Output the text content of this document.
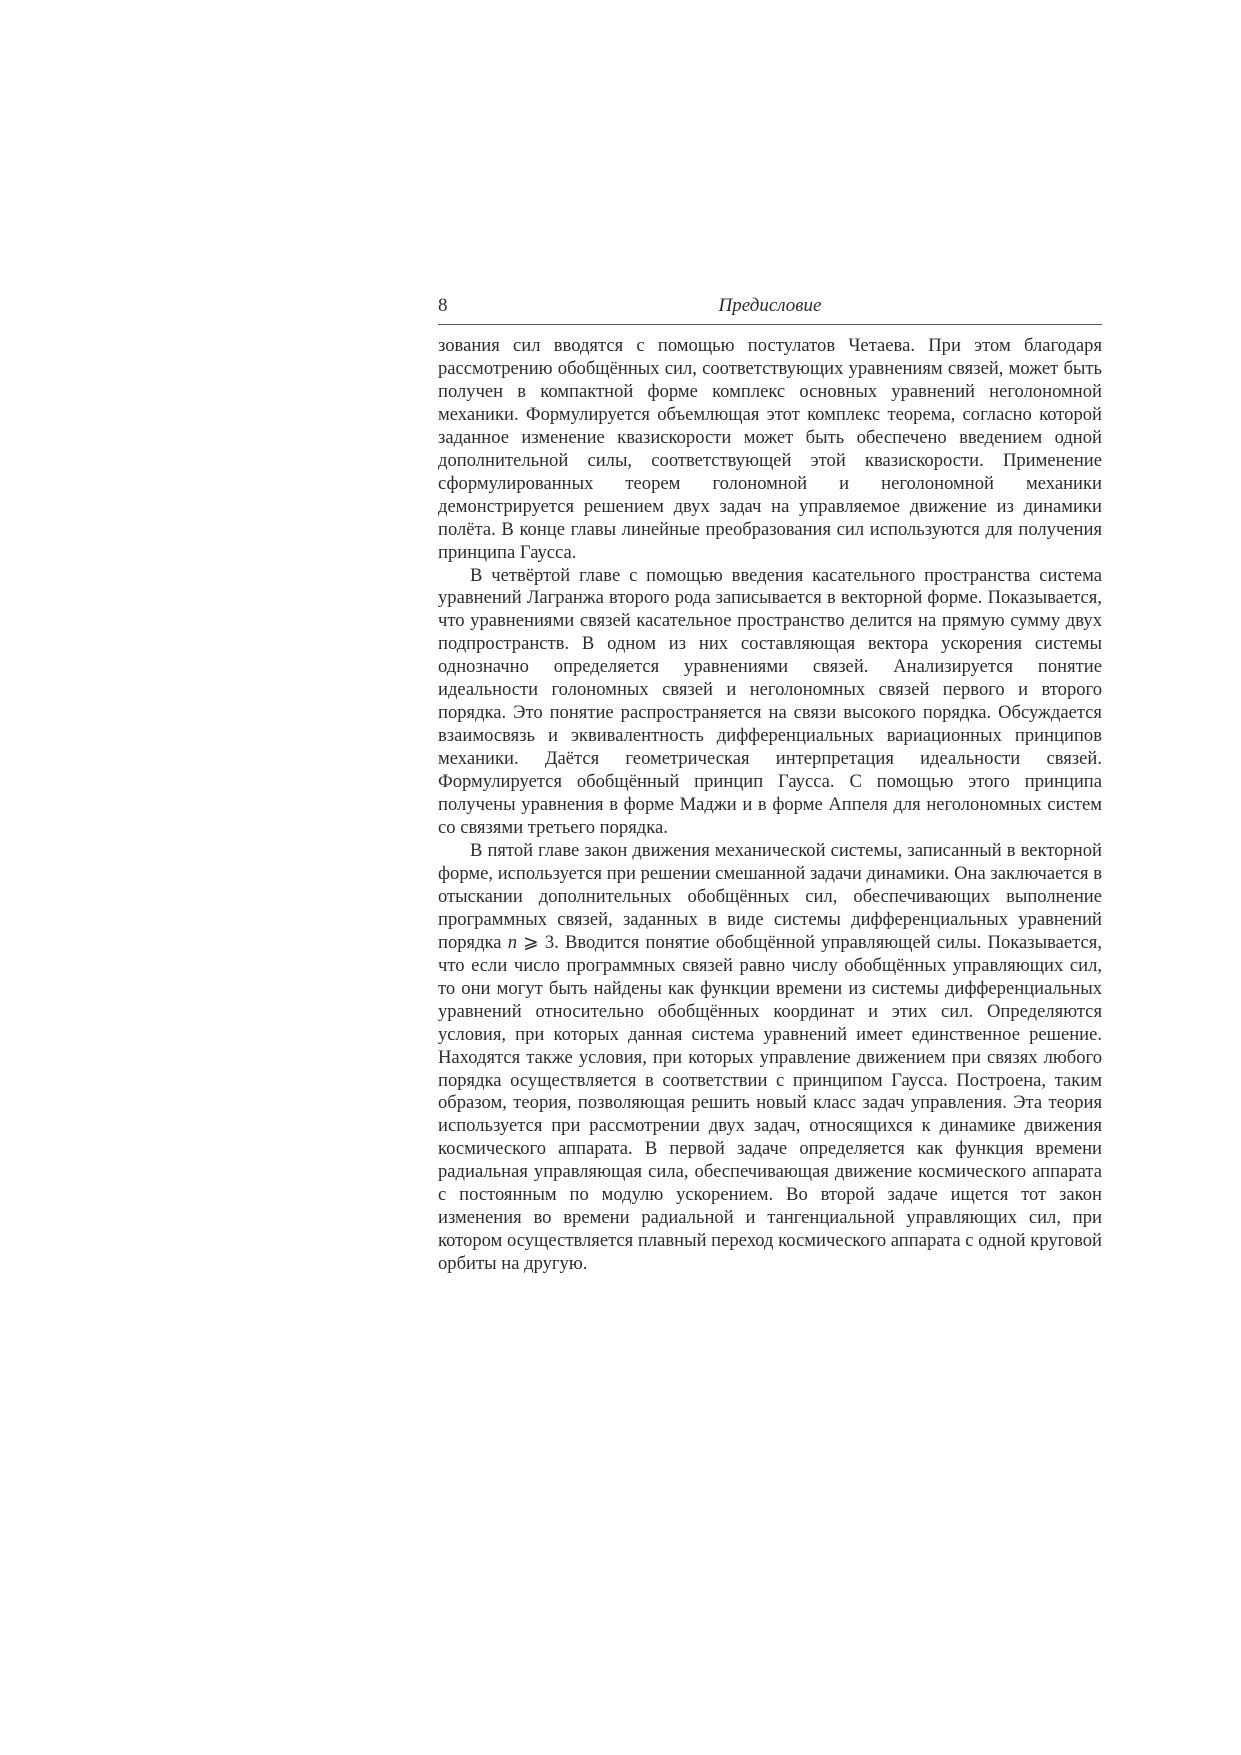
8	Предисловие

зования сил вводятся с помощью постулатов Четаева. При этом благодаря рассмотрению обобщённых сил, соответствующих уравнениям связей, может быть получен в компактной форме комплекс основных уравнений неголономной механики. Формулируется объемлющая этот комплекс теорема, согласно которой заданное изменение квазискорости может быть обеспечено введением одной дополнительной силы, соответствующей этой квазискорости. Применение сформулированных теорем голономной и неголономной механики демонстрируется решением двух задач на управляемое движение из динамики полёта. В конце главы линейные преобразования сил используются для получения принципа Гаусса.

В четвёртой главе с помощью введения касательного пространства система уравнений Лагранжа второго рода записывается в векторной форме. Показывается, что уравнениями связей касательное пространство делится на прямую сумму двух подпространств. В одном из них составляющая вектора ускорения системы однозначно определяется уравнениями связей. Анализируется понятие идеальности голономных связей и неголономных связей первого и второго порядка. Это понятие распространяется на связи высокого порядка. Обсуждается взаимосвязь и эквивалентность дифференциальных вариационных принципов механики. Даётся геометрическая интерпретация идеальности связей. Формулируется обобщённый принцип Гаусса. С помощью этого принципа получены уравнения в форме Маджи и в форме Аппеля для неголономных систем со связями третьего порядка.

В пятой главе закон движения механической системы, записанный в векторной форме, используется при решении смешанной задачи динамики. Она заключается в отыскании дополнительных обобщённых сил, обеспечивающих выполнение программных связей, заданных в виде системы дифференциальных уравнений порядка n ⩾ 3. Вводится понятие обобщённой управляющей силы. Показывается, что если число программных связей равно числу обобщённых управляющих сил, то они могут быть найдены как функции времени из системы дифференциальных уравнений относительно обобщённых координат и этих сил. Определяются условия, при которых данная система уравнений имеет единственное решение. Находятся также условия, при которых управление движением при связях любого порядка осуществляется в соответствии с принципом Гаусса. Построена, таким образом, теория, позволяющая решить новый класс задач управления. Эта теория используется при рассмотрении двух задач, относящихся к динамике движения космического аппарата. В первой задаче определяется как функция времени радиальная управляющая сила, обеспечивающая движение космического аппарата с постоянным по модулю ускорением. Во второй задаче ищется тот закон изменения во времени радиальной и тангенциальной управляющих сил, при котором осуществляется плавный переход космического аппарата с одной круговой орбиты на другую.
